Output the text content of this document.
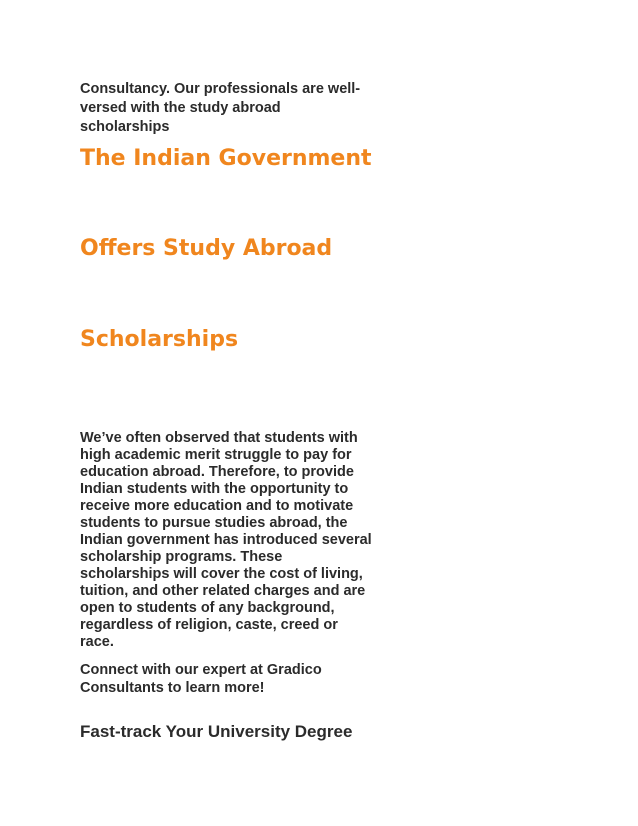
Consultancy. Our professionals are well-versed with the study abroad scholarships

The Indian Government
Offers Study Abroad
Scholarships

We’ve often observed that students with high academic merit struggle to pay for education abroad. Therefore, to provide Indian students with the opportunity to receive more education and to motivate students to pursue studies abroad, the Indian government has introduced several scholarship programs. These scholarships will cover the cost of living, tuition, and other related charges and are open to students of any background, regardless of religion, caste, creed or race.

Connect with our expert at Gradico Consultants to learn more!

Fast-track Your University Degree
